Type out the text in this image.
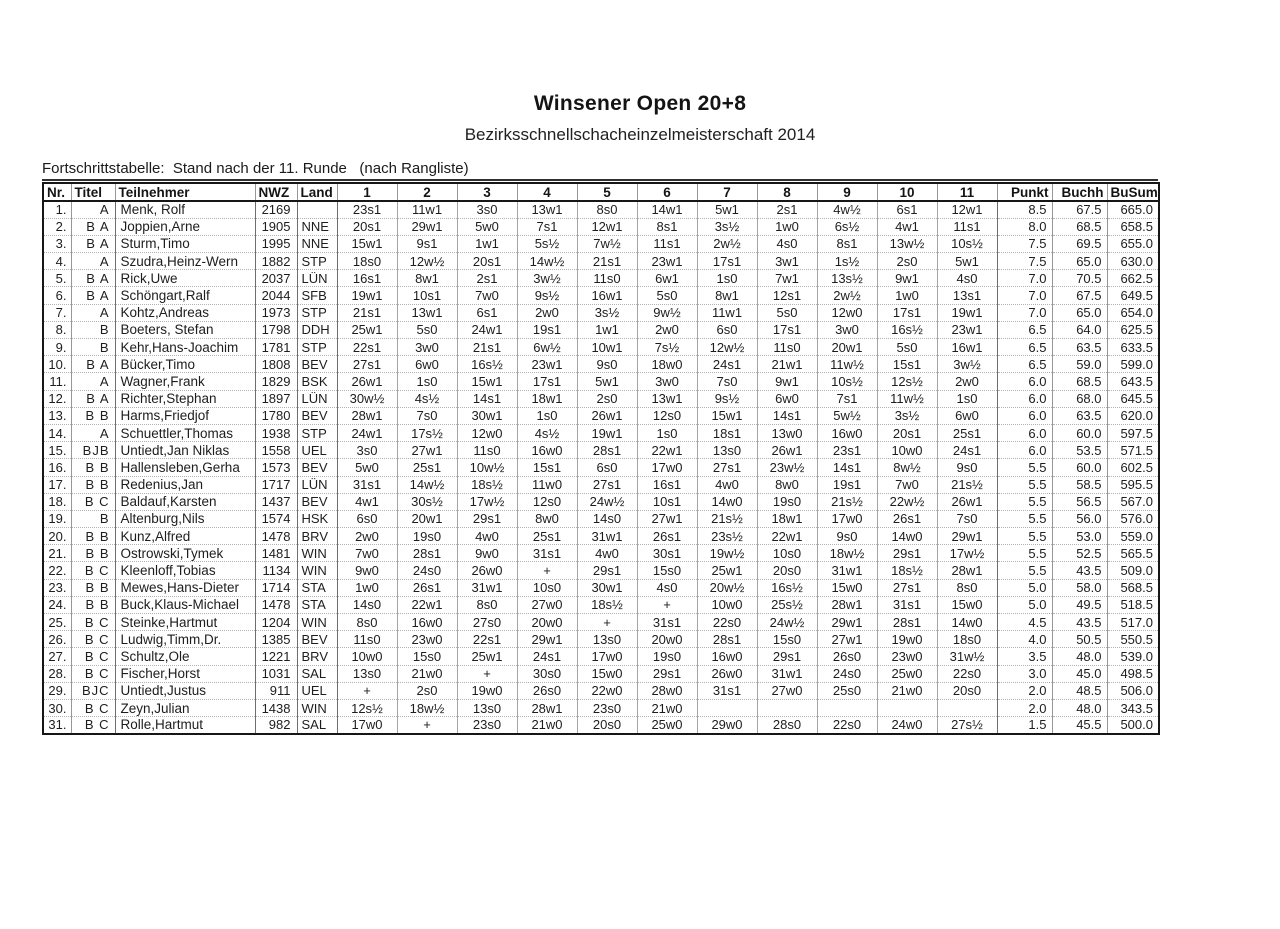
Winsener Open 20+8
Bezirksschnellschacheinzelmeisterschaft 2014
Fortschrittstabelle:  Stand nach der 11. Runde   (nach Rangliste)
Nr.	Titel	Teilnehmer	NWZ	Land	1	2	3	4	5	6	7	8	9	10	11	Punkt	Buchh	BuSum
1.	A	Menk, Rolf	2169		23s1	11w1	3s0	13w1	8s0	14w1	5w1	2s1	4w½	6s1	12w1	8.5	67.5	665.0
2.	B A	Joppien,Arne	1905	NNE	20s1	29w1	5w0	7s1	12w1	8s1	3s½	1w0	6s½	4w1	11s1	8.0	68.5	658.5
3.	B A	Sturm,Timo	1995	NNE	15w1	9s1	1w1	5s½	7w½	11s1	2w½	4s0	8s1	13w½	10s½	7.5	69.5	655.0
4.	A	Szudra,Heinz-Wern	1882	STP	18s0	12w½	20s1	14w½	21s1	23w1	17s1	3w1	1s½	2s0	5w1	7.5	65.0	630.0
5.	B A	Rick,Uwe	2037	LÜN	16s1	8w1	2s1	3w½	11s0	6w1	1s0	7w1	13s½	9w1	4s0	7.0	70.5	662.5
6.	B A	Schöngart,Ralf	2044	SFB	19w1	10s1	7w0	9s½	16w1	5s0	8w1	12s1	2w½	1w0	13s1	7.0	67.5	649.5
7.	A	Kohtz,Andreas	1973	STP	21s1	13w1	6s1	2w0	3s½	9w½	11w1	5s0	12w0	17s1	19w1	7.0	65.0	654.0
8.	B	Boeters, Stefan	1798	DDH	25w1	5s0	24w1	19s1	1w1	2w0	6s0	17s1	3w0	16s½	23w1	6.5	64.0	625.5
9.	B	Kehr,Hans-Joachim	1781	STP	22s1	3w0	21s1	6w½	10w1	7s½	12w½	11s0	20w1	5s0	16w1	6.5	63.5	633.5
10.	B A	Bücker,Timo	1808	BEV	27s1	6w0	16s½	23w1	9s0	18w0	24s1	21w1	11w½	15s1	3w½	6.5	59.0	599.0
11.	A	Wagner,Frank	1829	BSK	26w1	1s0	15w1	17s1	5w1	3w0	7s0	9w1	10s½	12s½	2w0	6.0	68.5	643.5
12.	B A	Richter,Stephan	1897	LÜN	30w½	4s½	14s1	18w1	2s0	13w1	9s½	6w0	7s1	11w½	1s0	6.0	68.0	645.5
13.	B B	Harms,Friedjof	1780	BEV	28w1	7s0	30w1	1s0	26w1	12s0	15w1	14s1	5w½	3s½	6w0	6.0	63.5	620.0
14.	A	Schuettler,Thomas	1938	STP	24w1	17s½	12w0	4s½	19w1	1s0	18s1	13w0	16w0	20s1	25s1	6.0	60.0	597.5
15.	BJB	Untiedt,Jan Niklas	1558	UEL	3s0	27w1	11s0	16w0	28s1	22w1	13s0	26w1	23s1	10w0	24s1	6.0	53.5	571.5
16.	B B	Hallensleben,Gerha	1573	BEV	5w0	25s1	10w½	15s1	6s0	17w0	27s1	23w½	14s1	8w½	9s0	5.5	60.0	602.5
17.	B B	Redenius,Jan	1717	LÜN	31s1	14w½	18s½	11w0	27s1	16s1	4w0	8w0	19s1	7w0	21s½	5.5	58.5	595.5
18.	B C	Baldauf,Karsten	1437	BEV	4w1	30s½	17w½	12s0	24w½	10s1	14w0	19s0	21s½	22w½	26w1	5.5	56.5	567.0
19.	B	Altenburg,Nils	1574	HSK	6s0	20w1	29s1	8w0	14s0	27w1	21s½	18w1	17w0	26s1	7s0	5.5	56.0	576.0
20.	B B	Kunz,Alfred	1478	BRV	2w0	19s0	4w0	25s1	31w1	26s1	23s½	22w1	9s0	14w0	29w1	5.5	53.0	559.0
21.	B B	Ostrowski,Tymek	1481	WIN	7w0	28s1	9w0	31s1	4w0	30s1	19w½	10s0	18w½	29s1	17w½	5.5	52.5	565.5
22.	B C	Kleenloff,Tobias	1134	WIN	9w0	24s0	26w0	+	29s1	15s0	25w1	20s0	31w1	18s½	28w1	5.5	43.5	509.0
23.	B B	Mewes,Hans-Dieter	1714	STA	1w0	26s1	31w1	10s0	30w1	4s0	20w½	16s½	15w0	27s1	8s0	5.0	58.0	568.5
24.	B B	Buck,Klaus-Michael	1478	STA	14s0	22w1	8s0	27w0	18s½	+	10w0	25s½	28w1	31s1	15w0	5.0	49.5	518.5
25.	B C	Steinke,Hartmut	1204	WIN	8s0	16w0	27s0	20w0	+	31s1	22s0	24w½	29w1	28s1	14w0	4.5	43.5	517.0
26.	B C	Ludwig,Timm,Dr.	1385	BEV	11s0	23w0	22s1	29w1	13s0	20w0	28s1	15s0	27w1	19w0	18s0	4.0	50.5	550.5
27.	B C	Schultz,Ole	1221	BRV	10w0	15s0	25w1	24s1	17w0	19s0	16w0	29s1	26s0	23w0	31w½	3.5	48.0	539.0
28.	B C	Fischer,Horst	1031	SAL	13s0	21w0	+	30s0	15w0	29s1	26w0	31w1	24s0	25w0	22s0	3.0	45.0	498.5
29.	BJC	Untiedt,Justus	911	UEL	+	2s0	19w0	26s0	22w0	28w0	31s1	27w0	25s0	21w0	20s0	2.0	48.5	506.0
30.	B C	Zeyn,Julian	1438	WIN	12s½	18w½	13s0	28w1	23s0	21w0						2.0	48.0	343.5
31.	B C	Rolle,Hartmut	982	SAL	17w0	+	23s0	21w0	20s0	25w0	29w0	28s0	22s0	24w0	27s½	1.5	45.5	500.0
